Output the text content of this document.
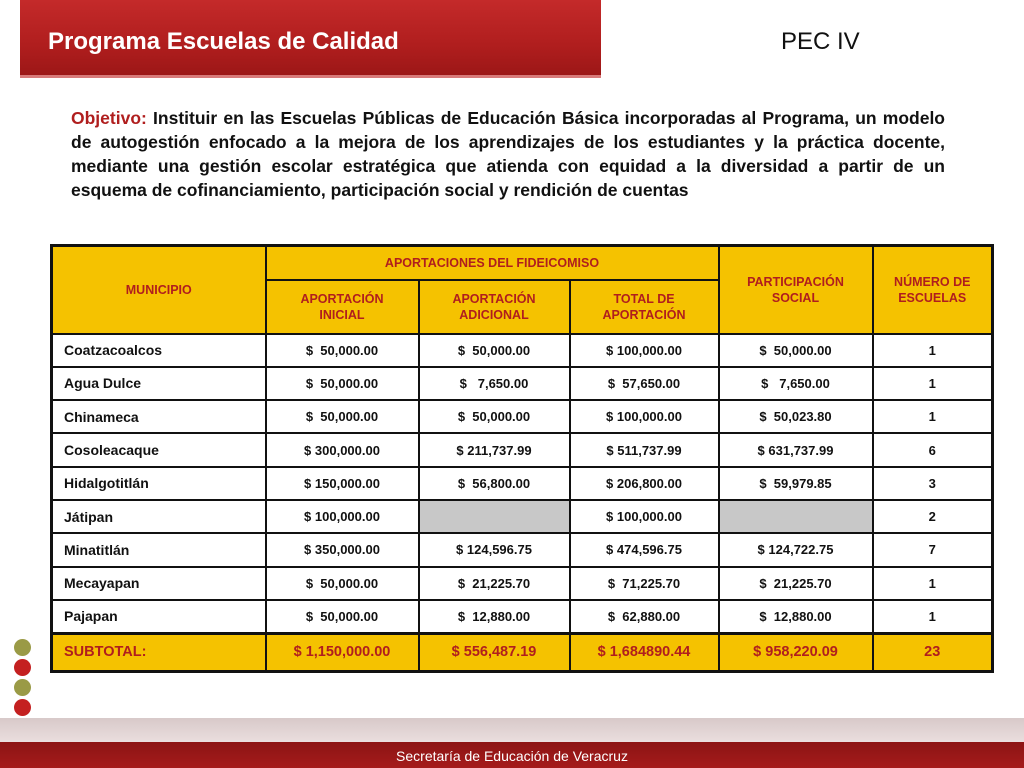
Programa Escuelas de Calidad	PEC IV
Objetivo: Instituir en las Escuelas Públicas de Educación Básica incorporadas al Programa, un modelo de autogestión enfocado a la mejora de los aprendizajes de los estudiantes y la práctica docente, mediante una gestión escolar estratégica que atienda con equidad a la diversidad a partir de un esquema de cofinanciamiento, participación social y rendición de cuentas
MUNICIPIO	APORTACIONES DEL FIDEICOMISO			PARTICIPACIÓN SOCIAL	NÚMERO DE ESCUELAS
	APORTACIÓN INICIAL	APORTACIÓN ADICIONAL	TOTAL DE APORTACIÓN		
Coatzacoalcos	$  50,000.00	$  50,000.00	$ 100,000.00	$  50,000.00	1
Agua Dulce	$  50,000.00	$   7,650.00	$  57,650.00	$   7,650.00	1
Chinameca	$  50,000.00	$  50,000.00	$ 100,000.00	$  50,023.80	1
Cosoleacaque	$ 300,000.00	$ 211,737.99	$ 511,737.99	$ 631,737.99	6
Hidalgotitlán	$ 150,000.00	$  56,800.00	$ 206,800.00	$  59,979.85	3
Játipan	$ 100,000.00		$ 100,000.00		2
Minatitlán	$ 350,000.00	$ 124,596.75	$ 474,596.75	$ 124,722.75	7
Mecayapan	$  50,000.00	$  21,225.70	$  71,225.70	$  21,225.70	1
Pajapan	$  50,000.00	$  12,880.00	$  62,880.00	$  12,880.00	1
SUBTOTAL:	$ 1,150,000.00	$ 556,487.19	$ 1,684890.44	$ 958,220.09	23
Secretaría de Educación de Veracruz
